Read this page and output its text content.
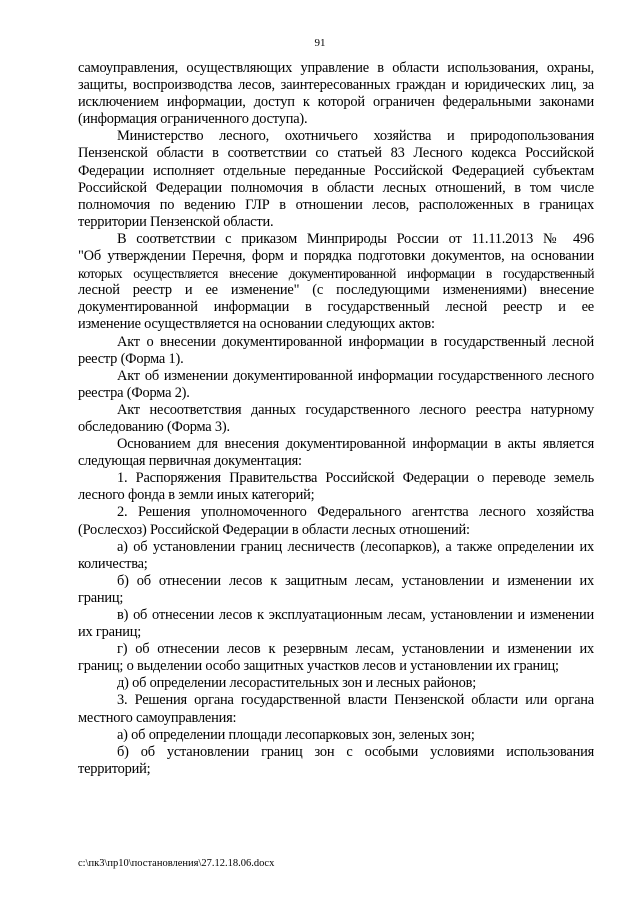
91

самоуправления, осуществляющих управление в области использования, охраны, защиты, воспроизводства лесов, заинтересованных граждан и юридических лиц, за исключением информации, доступ к которой ограничен федеральными законами (информация ограниченного доступа).

Министерство лесного, охотничьего хозяйства и природопользования Пензенской области в соответствии со статьей 83 Лесного кодекса Российской Федерации исполняет отдельные переданные Российской Федерацией субъектам Российской Федерации полномочия в области лесных отношений, в том числе полномочия по ведению ГЛР в отношении лесов, расположенных в границах территории Пензенской области.

В соответствии с приказом Минприроды России от 11.11.2013 № 496
"Об утверждении Перечня, форм и порядка подготовки документов, на основании
которых осуществляется внесение документированной информации в государственный
лесной реестр и ее изменение" (с последующими изменениями) внесение
документированной информации в государственный лесной реестр и ее
изменение осуществляется на основании следующих актов:

Акт о внесении документированной информации в государственный лесной реестр (Форма 1).

Акт об изменении документированной информации государственного лесного реестра (Форма 2).

Акт несоответствия данных государственного лесного реестра натурному обследованию (Форма 3).

Основанием для внесения документированной информации в акты является следующая первичная документация:

1. Распоряжения Правительства Российской Федерации о переводе земель лесного фонда в земли иных категорий;

2. Решения уполномоченного Федерального агентства лесного хозяйства (Рослесхоз) Российской Федерации в области лесных отношений:

а) об установлении границ лесничеств (лесопарков), а также определении их количества;

б) об отнесении лесов к защитным лесам, установлении и изменении их границ;

в) об отнесении лесов к эксплуатационным лесам, установлении и изменении их границ;

г) об отнесении лесов к резервным лесам, установлении и изменении их границ; о выделении особо защитных участков лесов и установлении их границ;

д) об определении лесорастительных зон и лесных районов;

3. Решения органа государственной власти Пензенской области или органа местного самоуправления:

а) об определении площади лесопарковых зон, зеленых зон;

б) об установлении границ зон с особыми условиями использования территорий;

c:\пк3\пр10\постановления\27.12.18.06.docx
